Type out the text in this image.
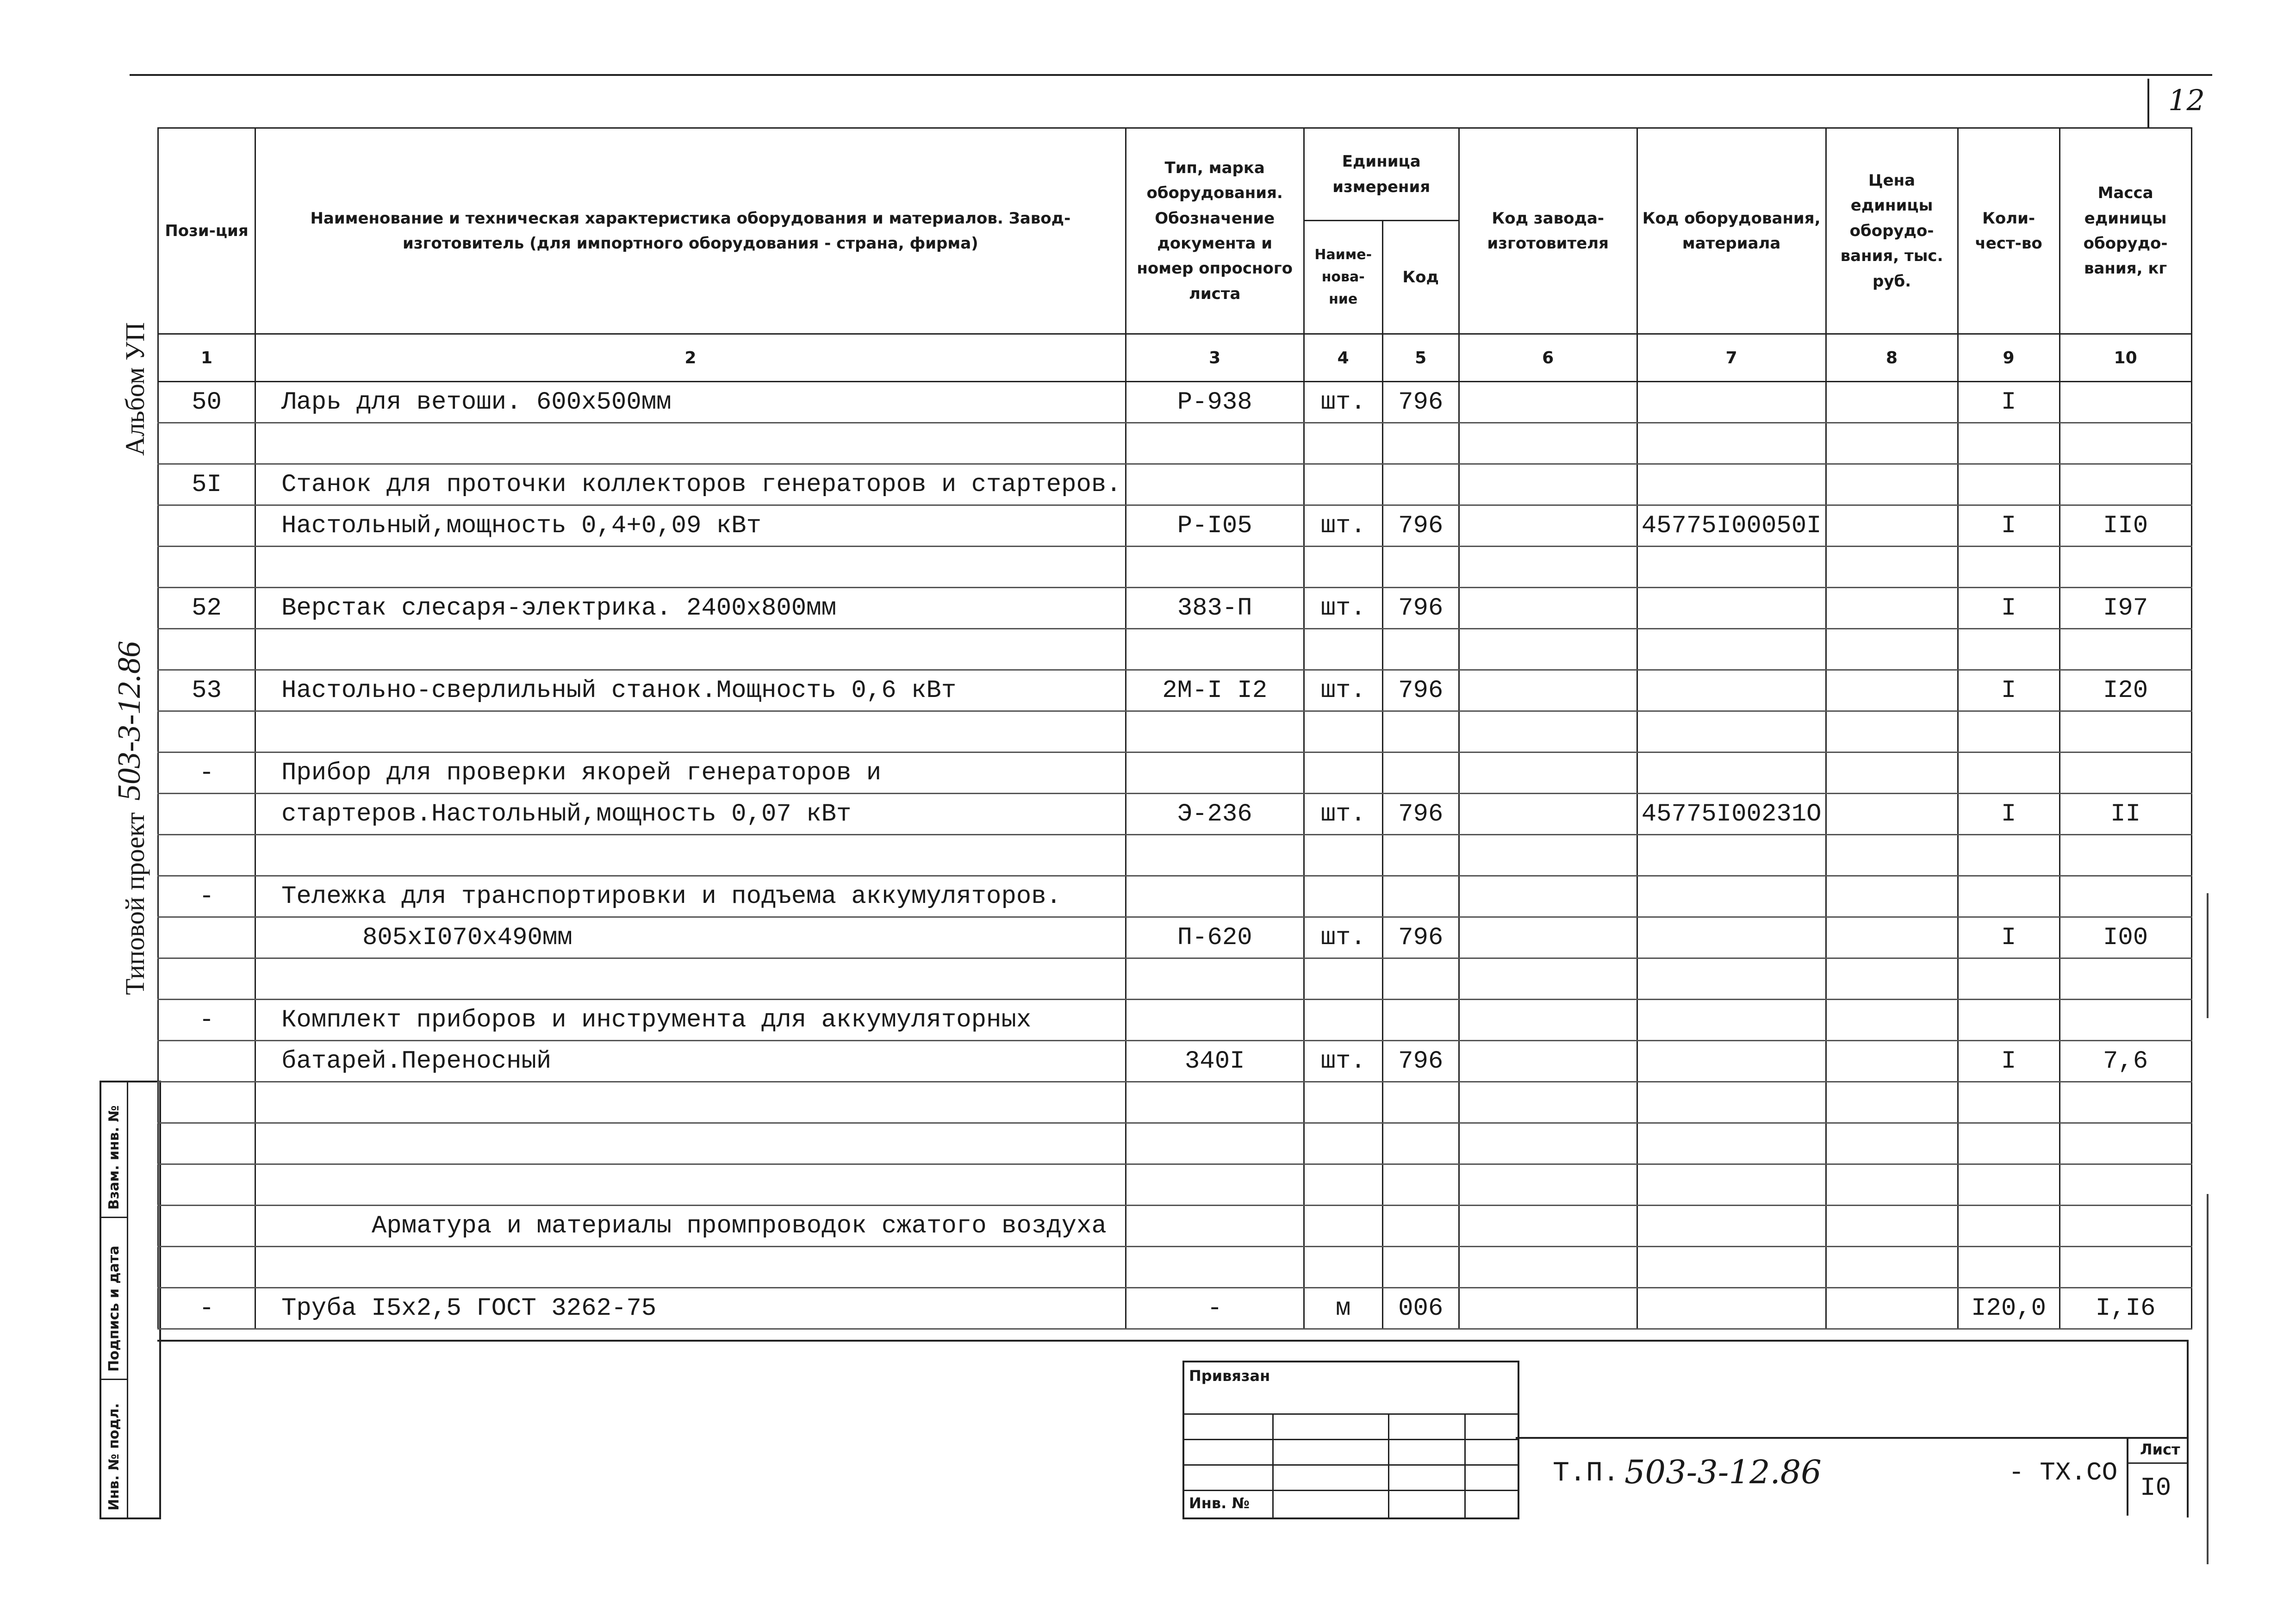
12
Альбом УП
Типовой проект
503-3-12.86
Взам. инв. №
Подпись и дата
Инв. № подл.
Пози-ция	Наименование и техническая характеристика оборудования и материалов. Завод-изготовитель (для импортного оборудования - страна, фирма)	Тип, марка оборудования. Обозначение документа и номер опросного листа	Единица измерения		Код завода-изготовителя	Код оборудования, материала	Цена единицы оборудо-вания, тыс. руб.	Коли-чест-во	Масса единицы оборудо-вания, кг
			Наиме-нова-ние	Код					
1	2	3	4	5	6	7	8	9	10
50	Ларь для ветоши. 600х500мм	Р-938	шт.	796				I	

5I	Станок для проточки коллекторов генераторов и стартеров.								
	Настольный,мощность 0,4+0,09 кВт	Р-I05	шт.	796		45775I00050I		I	II0

52	Верстак слесаря-электрика. 2400х800мм	383-П	шт.	796				I	I97

53	Настольно-сверлильный станок.Мощность 0,6 кВт	2М-I I2	шт.	796				I	I20

-	Прибор для проверки якорей генераторов и								
	стартеров.Настольный,мощность 0,07 кВт	Э-236	шт.	796		45775I00231O		I	II

-	Тележка для транспортировки и подъема аккумуляторов.								
	805хI070х490мм	П-620	шт.	796				I	I00

-	Комплект приборов и инструмента для аккумуляторных								
	батарей.Переносный	340I	шт.	796				I	7,6

	Арматура и материалы промпроводок сжатого воздуха								

-	Труба I5х2,5 ГОСТ 3262-75	-	м	006				I20,0	I,I6
Привязан
Инв. №
Т.П. 503-3-12.86	- ТХ.СО
Лист
I0
